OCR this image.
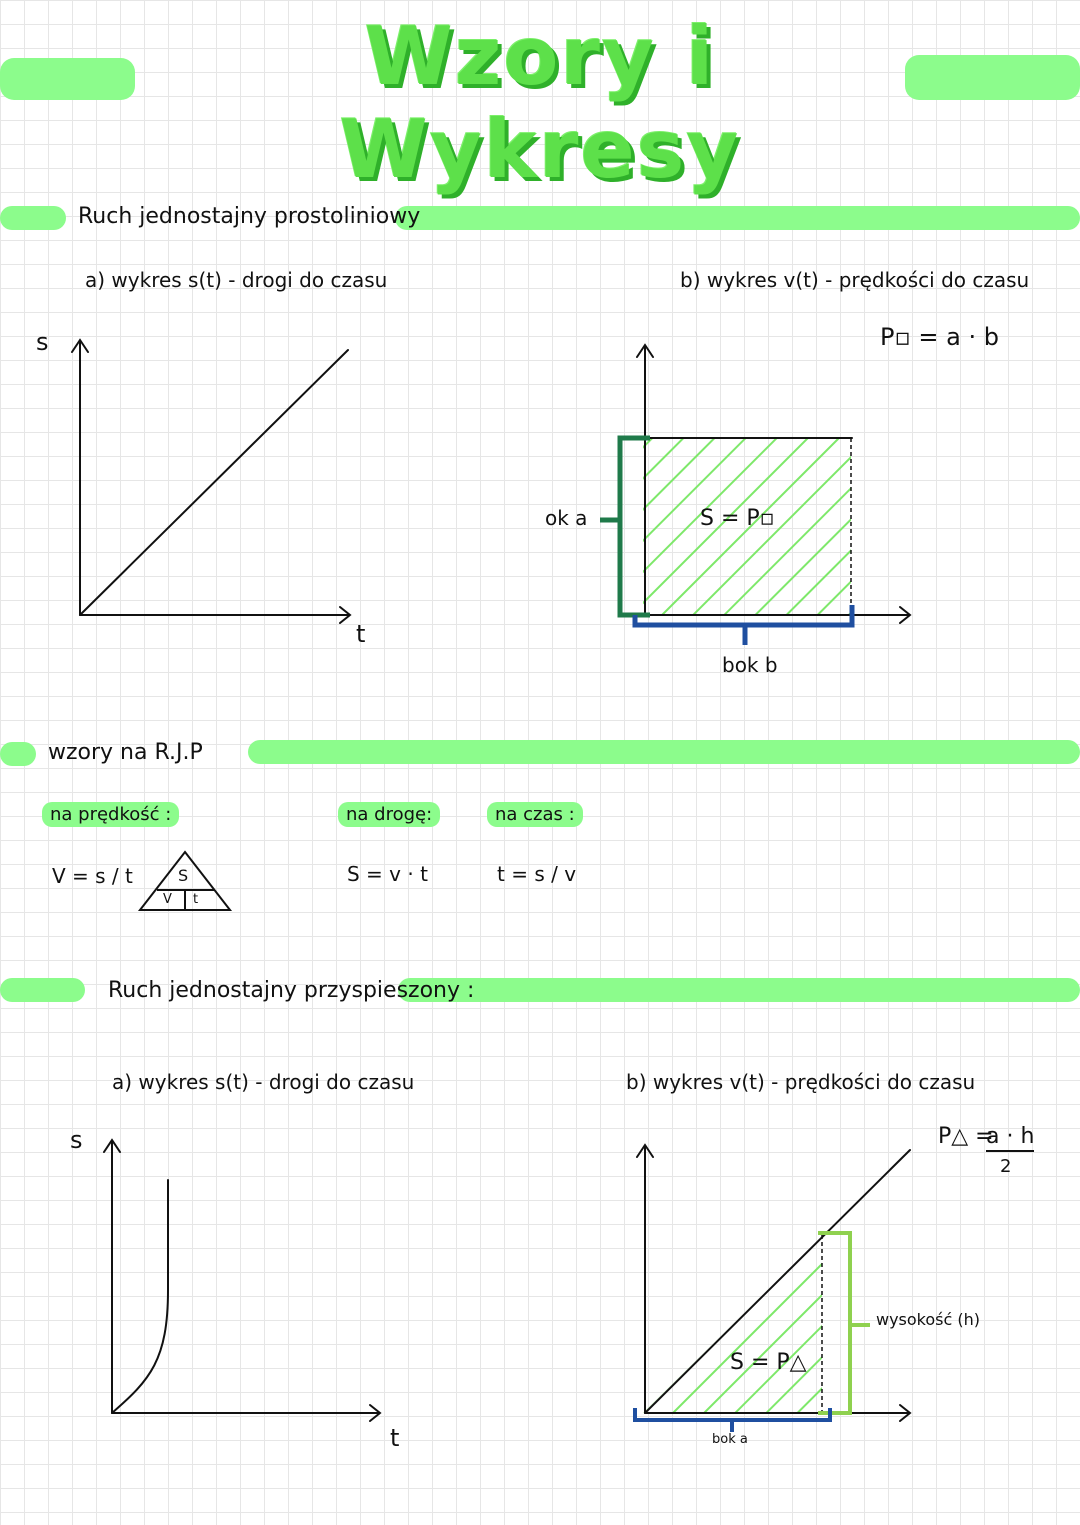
Wzory i Wykresy
Ruch jednostajny prostoliniowy
a) wykres s(t) - drogi do czasu	b) wykres v(t) - prędkości do czasu
P▫ = a · b
s
t
S = P▫
ok a
bok b
wzory na R.J.P
na prędkość :	na drogę:	na czas :
V = s / t	S
V t
S = v · t	t = s / v
Ruch jednostajny przyspieszony :
a) wykres s(t) - drogi do czasu	b) wykres v(t) - prędkości do czasu
P△ =
a · h
2
s
t
S = P△
wysokość (h)
bok a
